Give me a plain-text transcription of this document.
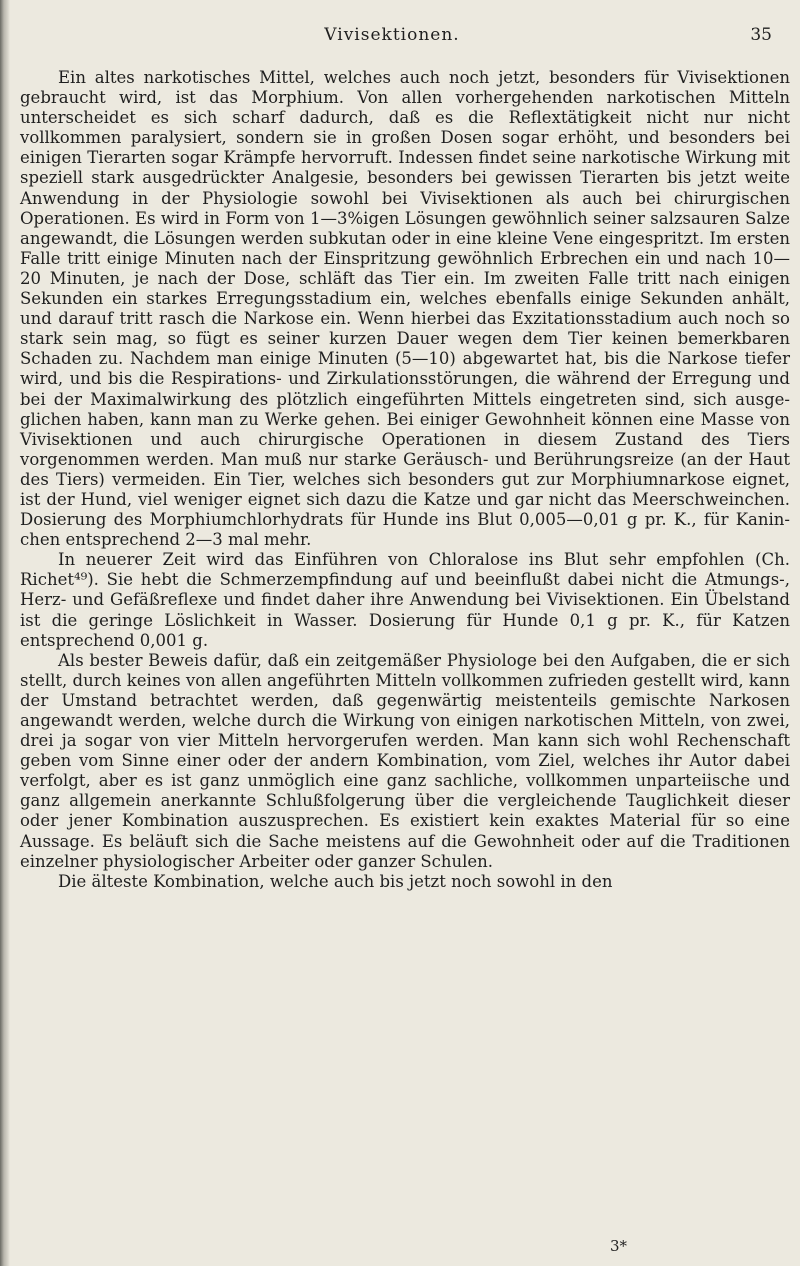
Vivisektionen.	35

Ein altes narkotisches Mittel, welches auch noch jetzt, besonders für Vivisektionen gebraucht wird, ist das Morphium. Von allen vorhergehenden narkotischen Mitteln unterscheidet es sich scharf dadurch, daß es die Reflextätigkeit nicht nur nicht vollkommen paralysiert, sondern sie in großen Dosen sogar erhöht, und besonders bei einigen Tierarten sogar Krämpfe hervorruft. Indessen findet seine narkotische Wirkung mit speziell stark ausgedrückter Analgesie, besonders bei gewissen Tierarten bis jetzt weite Anwendung in der Physiologie sowohl bei Vivisektionen als auch bei chirurgischen Operationen. Es wird in Form von 1—3%igen Lösungen gewöhnlich seiner salzsauren Salze angewandt, die Lösungen werden subkutan oder in eine kleine Vene eingespritzt. Im ersten Falle tritt einige Minuten nach der Einspritzung gewöhnlich Erbrechen ein und nach 10—20 Minuten, je nach der Dose, schläft das Tier ein. Im zweiten Falle tritt nach einigen Sekunden ein starkes Erregungsstadium ein, welches ebenfalls einige Sekunden anhält, und darauf tritt rasch die Narkose ein. Wenn hierbei das Exzitationsstadium auch noch so stark sein mag, so fügt es seiner kurzen Dauer wegen dem Tier keinen bemerkbaren Schaden zu. Nachdem man einige Minuten (5—10) abgewartet hat, bis die Narkose tiefer wird, und bis die Respirations- und Zirkulationsstörungen, die während der Erregung und bei der Maximalwirkung des plötzlich eingeführten Mittels eingetreten sind, sich ausgeglichen haben, kann man zu Werke gehen. Bei einiger Gewohnheit können eine Masse von Vivisektionen und auch chirurgische Operationen in diesem Zustand des Tiers vorgenommen werden. Man muß nur starke Geräusch- und Berührungsreize (an der Haut des Tiers) vermeiden. Ein Tier, welches sich besonders gut zur Morphiumnarkose eignet, ist der Hund, viel weniger eignet sich dazu die Katze und gar nicht das Meerschweinchen. Dosierung des Morphiumchlorhydrats für Hunde ins Blut 0,005—0,01 g pr. K., für Kaninchen entsprechend 2—3 mal mehr.

In neuerer Zeit wird das Einführen von Chloralose ins Blut sehr empfohlen (Ch. Richet⁴⁹). Sie hebt die Schmerzempfindung auf und beeinflußt dabei nicht die Atmungs-, Herz- und Gefäßreflexe und findet daher ihre Anwendung bei Vivisektionen. Ein Übelstand ist die geringe Löslichkeit in Wasser. Dosierung für Hunde 0,1 g pr. K., für Katzen entsprechend 0,001 g.

Als bester Beweis dafür, daß ein zeitgemäßer Physiologe bei den Aufgaben, die er sich stellt, durch keines von allen angeführten Mitteln vollkommen zufrieden gestellt wird, kann der Umstand betrachtet werden, daß gegenwärtig meistenteils gemischte Narkosen angewandt werden, welche durch die Wirkung von einigen narkotischen Mitteln, von zwei, drei ja sogar von vier Mitteln hervorgerufen werden. Man kann sich wohl Rechenschaft geben vom Sinne einer oder der andern Kombination, vom Ziel, welches ihr Autor dabei verfolgt, aber es ist ganz unmöglich eine ganz sachliche, vollkommen unparteiische und ganz allgemein anerkannte Schlußfolgerung über die vergleichende Tauglichkeit dieser oder jener Kombination auszusprechen. Es existiert kein exaktes Material für so eine Aussage. Es beläuft sich die Sache meistens auf die Gewohnheit oder auf die Traditionen einzelner physiologischer Arbeiter oder ganzer Schulen.

Die älteste Kombination, welche auch bis jetzt noch sowohl in den

3*
